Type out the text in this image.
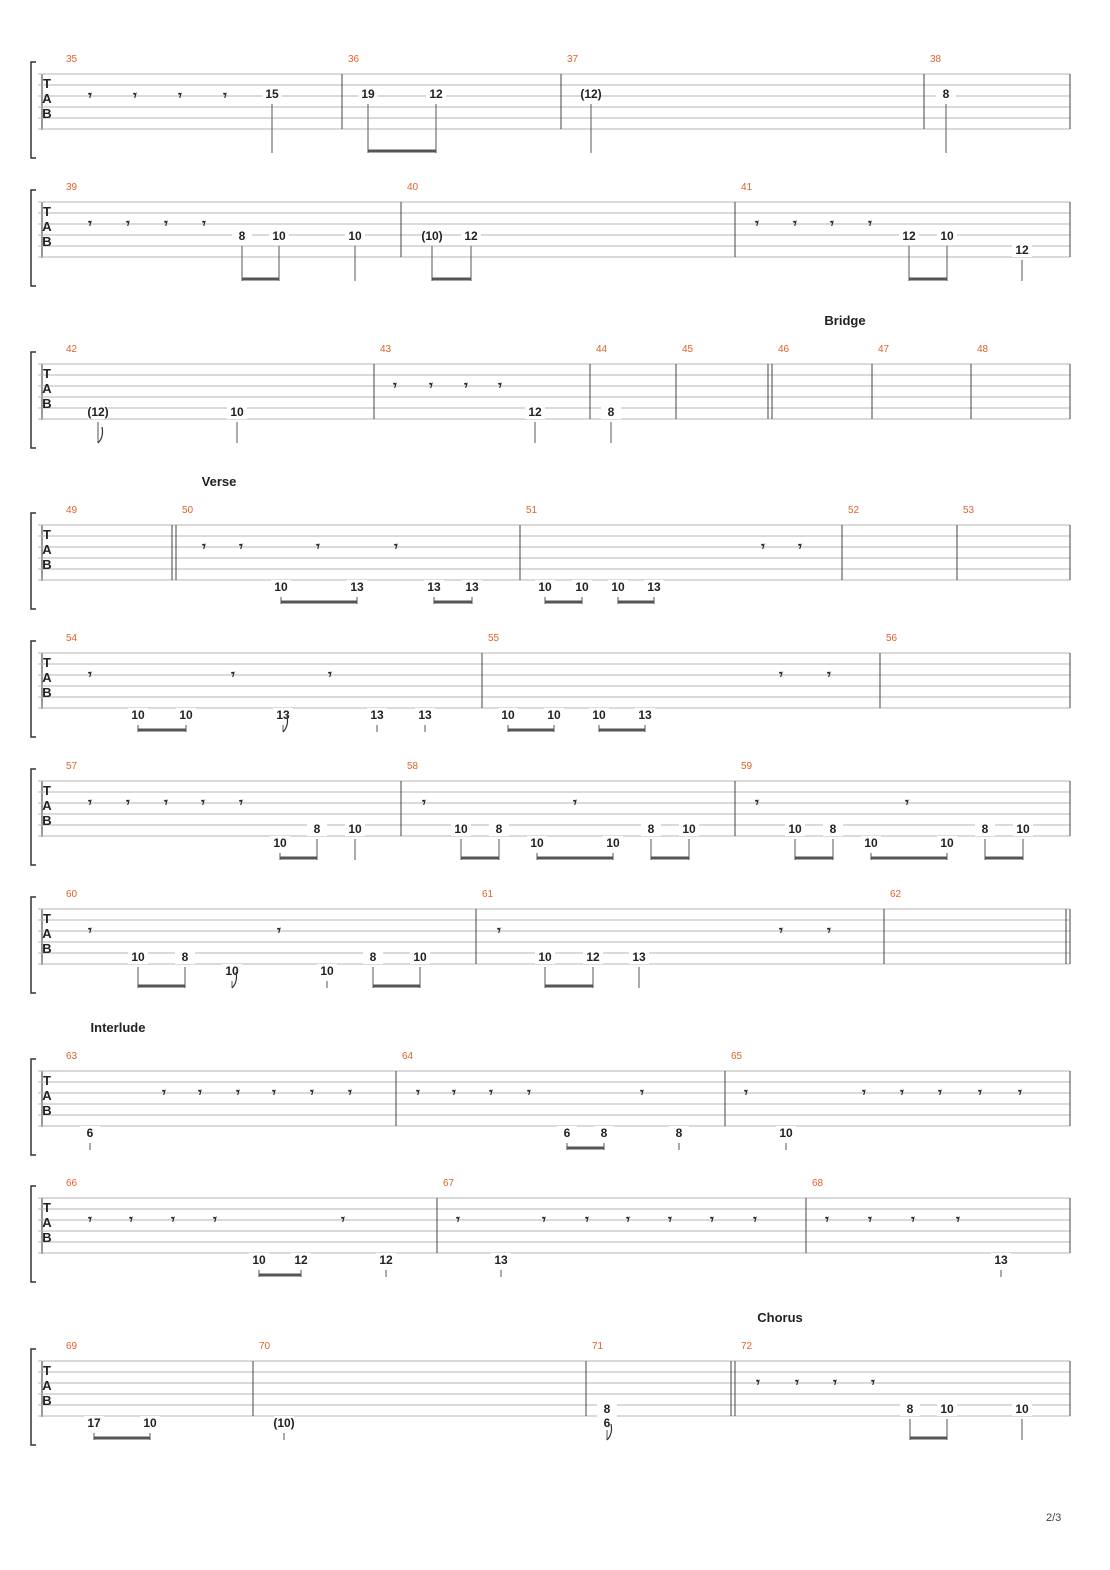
T
A
B
35
𝄾	𝄾	𝄾	𝄾	15
36
19	12
37
(12)
38
8
T
A
B
39
𝄾 𝄾 𝄾 𝄾
8 10	10
40
(10) 12
41
𝄾 𝄾 𝄾 𝄾
12 10
12
T
A
B
Bridge
42
(12)	10
43
𝄾 𝄾 𝄾 𝄾
12
44
8
45	46	47	48
T
A
B
Verse
49	50
𝄾 𝄾	𝄾	𝄾
10	13	13 13
51
𝄾 𝄾
10 10 10 13
52	53
T
A
B
54
𝄾	𝄾	𝄾
10	10	13	13	13
55
𝄾	𝄾
10	10	10	13
56
T
A
B
57
𝄾 𝄾 𝄾 𝄾 𝄾
10
8 10
58
𝄾	𝄾
10 8
10	10
8 10
59
𝄾	𝄾
10 8
10	10
8 10
T
A
B
60
𝄾	𝄾
10	8
10	10
8	10
61
𝄾	𝄾	𝄾
10	12	13
62
T
A
B
Interlude
63
𝄾 𝄾 𝄾 𝄾 𝄾 𝄾
6
64
𝄾 𝄾 𝄾 𝄾	𝄾
6	8	8
65
𝄾	𝄾 𝄾 𝄾	𝄾	𝄾
10
T
A
B
66
𝄾	𝄾	𝄾	𝄾	𝄾
10 12	12
67
𝄾	𝄾	𝄾	𝄾	𝄾	𝄾	𝄾
13
68
𝄾	𝄾	𝄾	𝄾
13
T
A
B
Chorus
69
17	10
70
(10)
71
8
6
72
𝄾	𝄾 𝄾 𝄾
8 10	10
2/3
